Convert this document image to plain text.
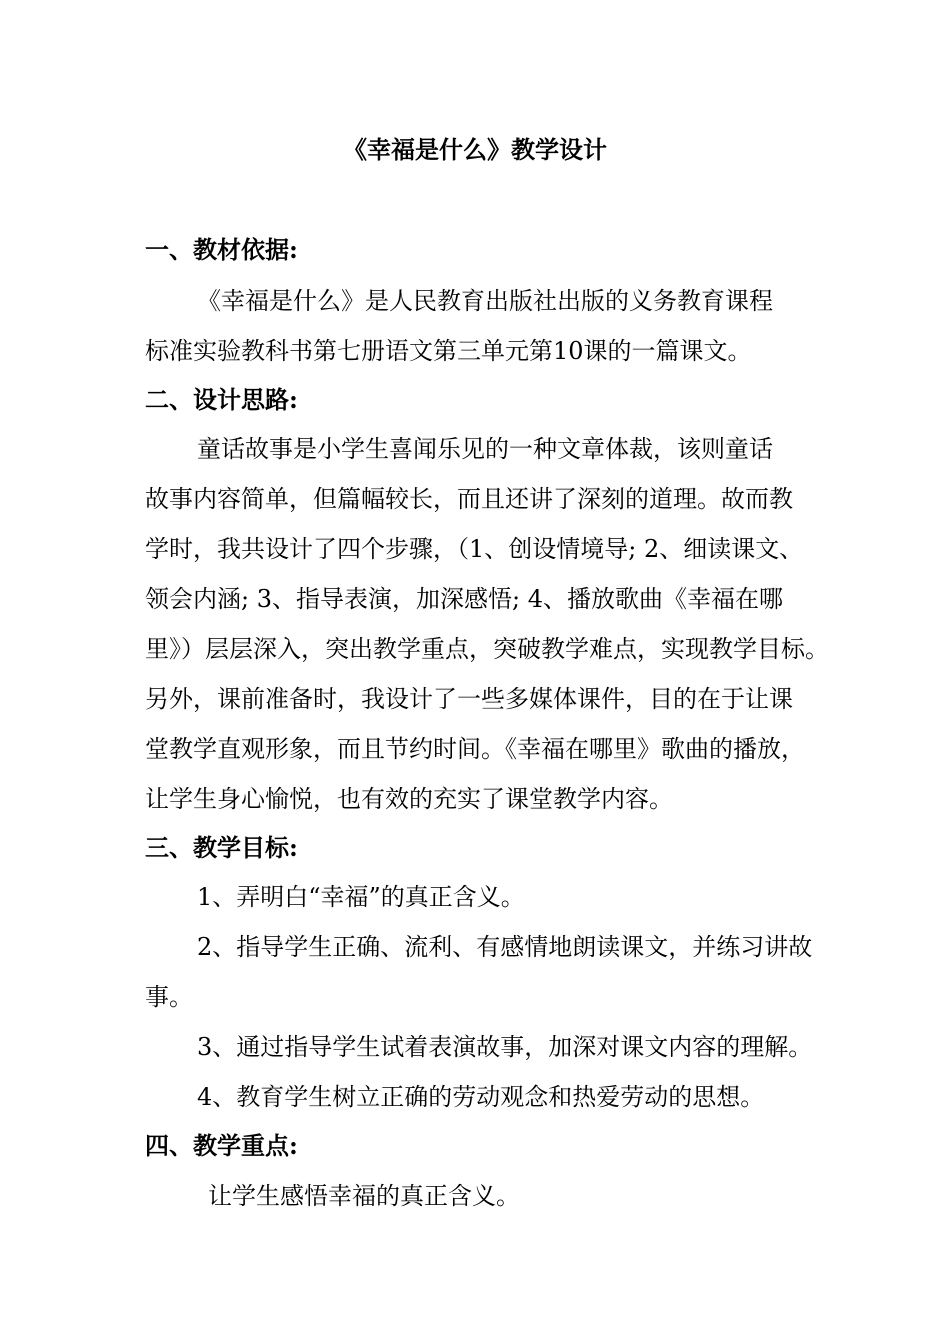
《幸福是什么》教学设计
一、教材依据:
《幸福是什么》是人民教育出版社出版的义务教育课程
标准实验教科书第七册语文第三单元第10课的一篇课文。
二、设计思路:
童话故事是小学生喜闻乐见的一种文章体裁，该则童话
故事内容简单，但篇幅较长，而且还讲了深刻的道理。故而教
学时，我共设计了四个步骤，（1、创设情境导; 2、细读课文、
领会内涵; 3、指导表演，加深感悟; 4、播放歌曲《幸福在哪
里》）层层深入，突出教学重点，突破教学难点，实现教学目标。
另外，课前准备时，我设计了一些多媒体课件，目的在于让课
堂教学直观形象，而且节约时间。《幸福在哪里》歌曲的播放，
让学生身心愉悦，也有效的充实了课堂教学内容。
三、教学目标:
1、弄明白“幸福”的真正含义。
2、指导学生正确、流利、有感情地朗读课文，并练习讲故
事。
3、通过指导学生试着表演故事，加深对课文内容的理解。
4、教育学生树立正确的劳动观念和热爱劳动的思想。
四、教学重点:
让学生感悟幸福的真正含义。
